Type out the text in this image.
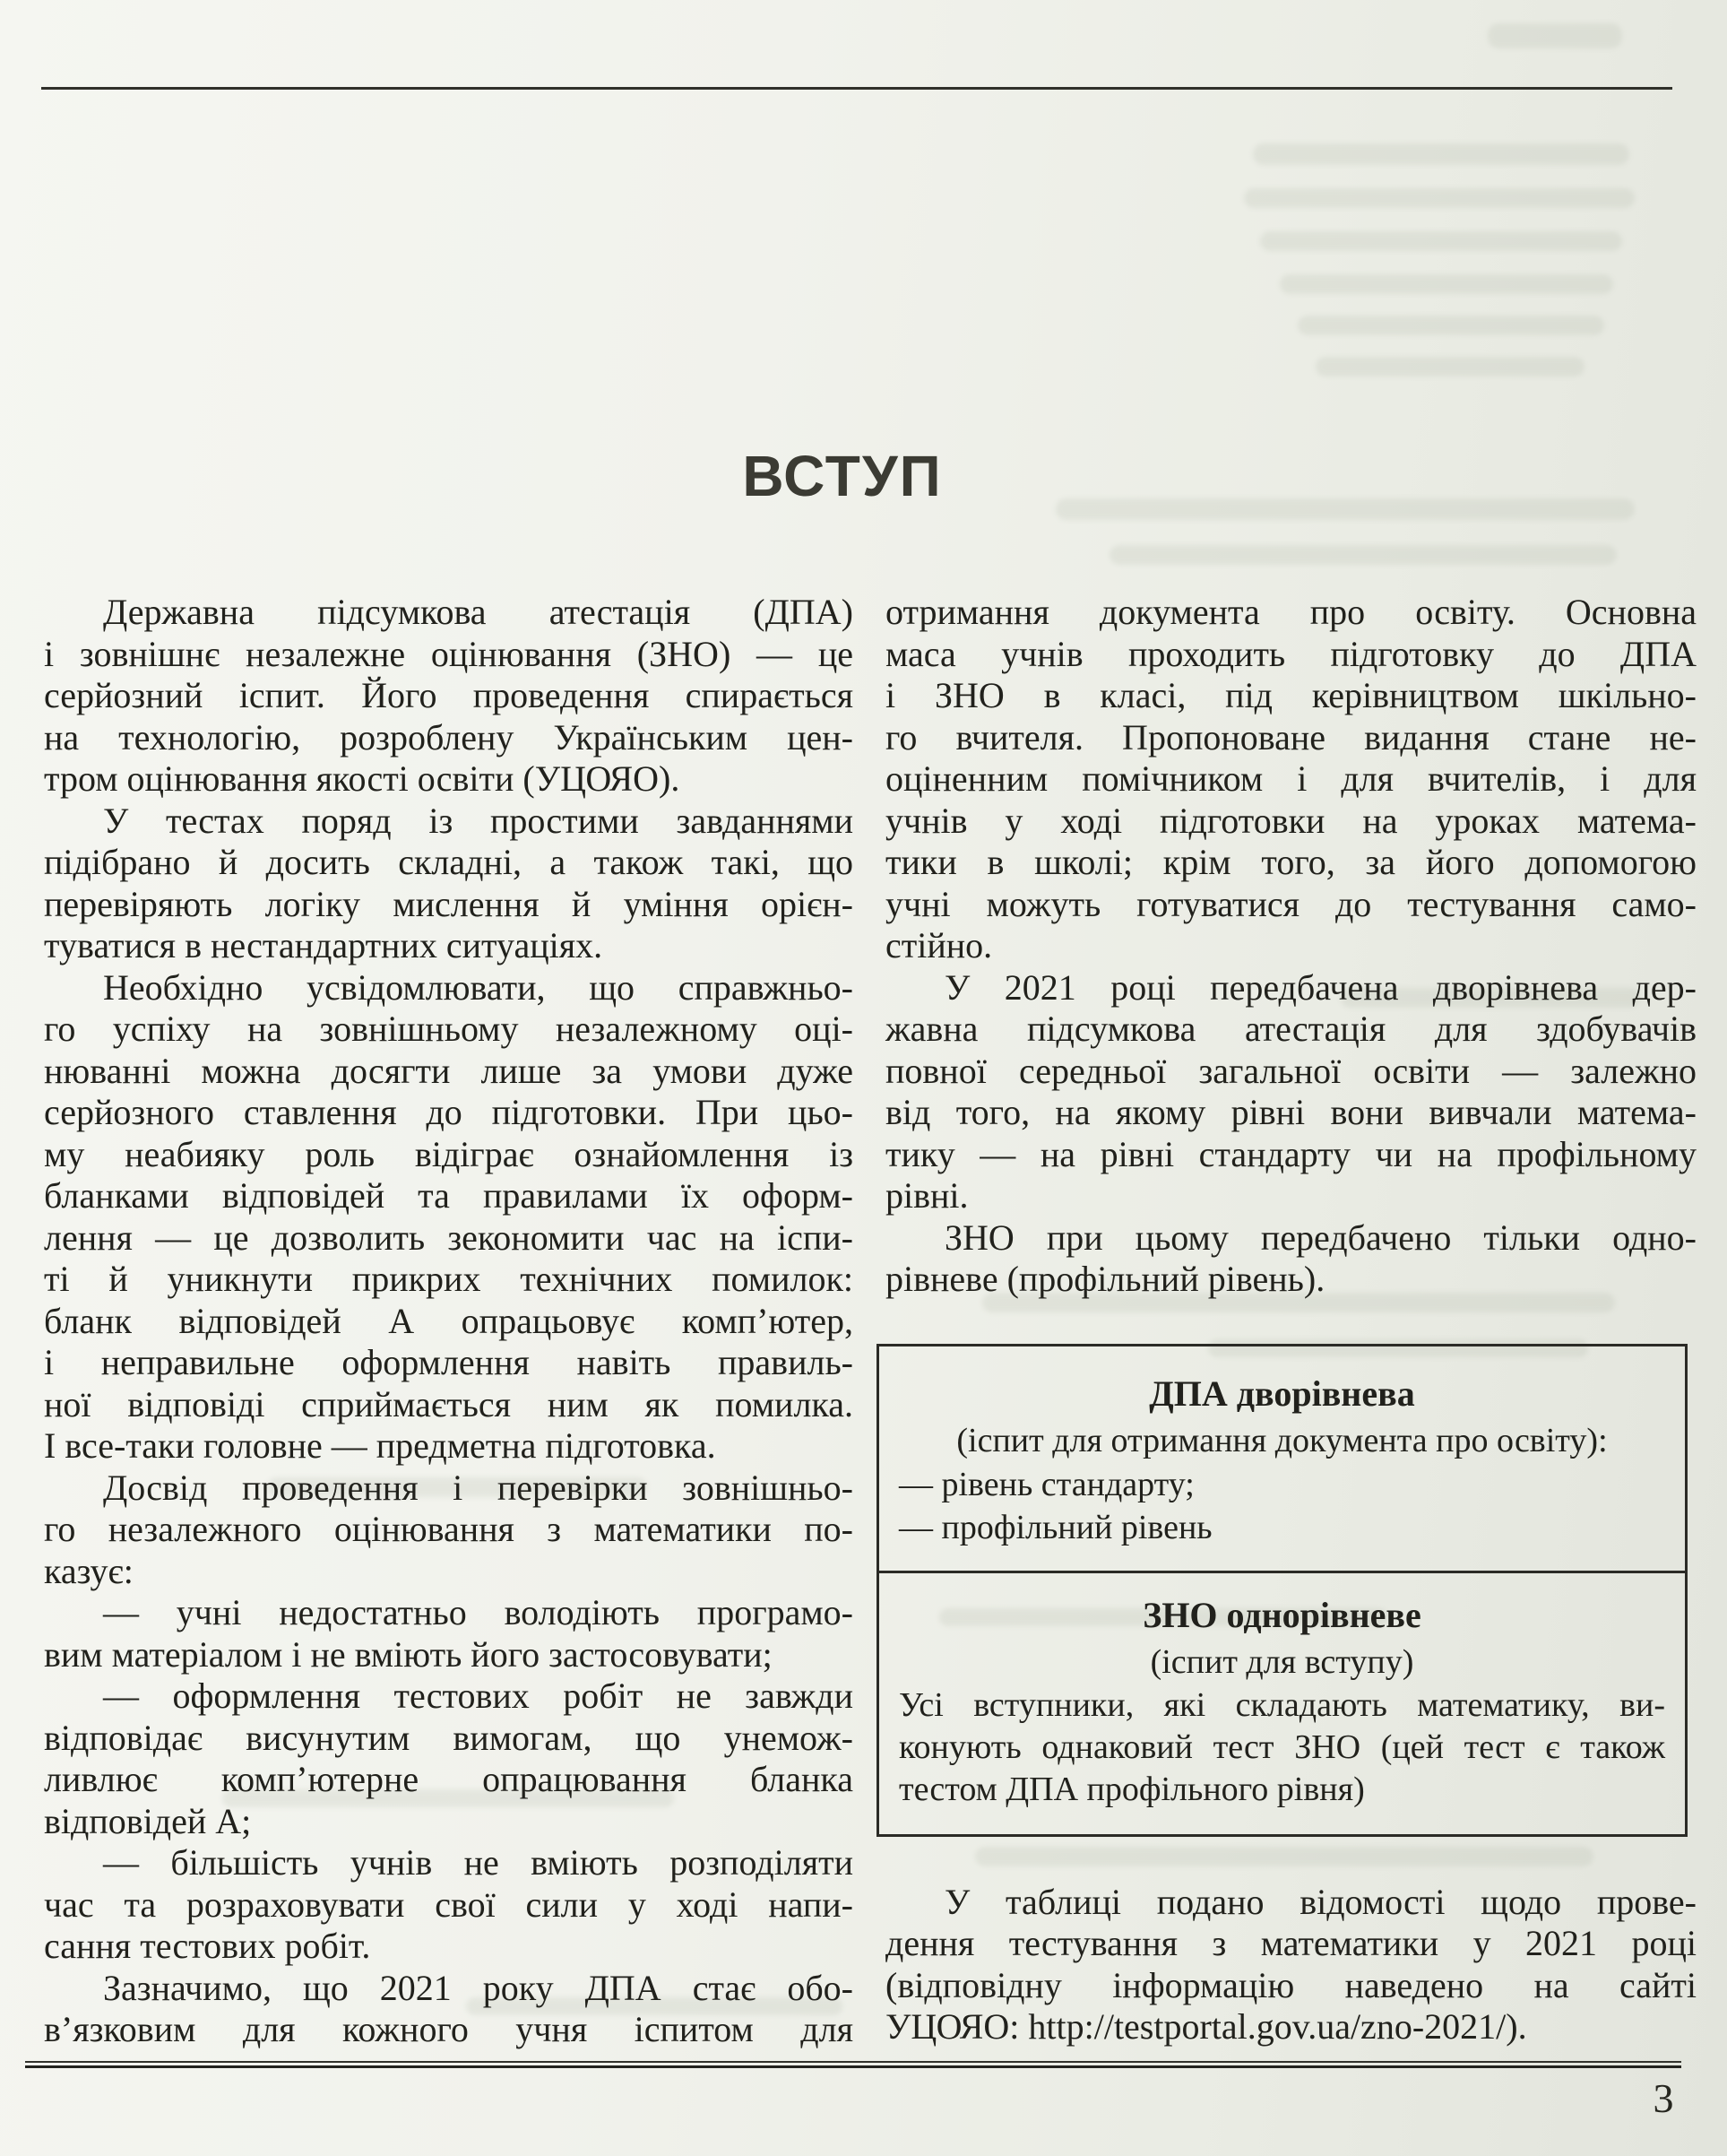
ВСТУП
Державна підсумкова атестація (ДПА)
і зовнішнє незалежне оцінювання (ЗНО) — це
серйозний іспит. Його проведення спирається
на технологію, розроблену Українським цен-
тром оцінювання якості освіти (УЦОЯО).
У тестах поряд із простими завданнями
підібрано й досить складні, а також такі, що
перевіряють логіку мислення й уміння орієн-
туватися в нестандартних ситуаціях.
Необхідно усвідомлювати, що справжньо-
го успіху на зовнішньому незалежному оці-
нюванні можна досягти лише за умови дуже
серйозного ставлення до підготовки. При цьо-
му неабияку роль відіграє ознайомлення із
бланками відповідей та правилами їх оформ-
лення — це дозволить зекономити час на іспи-
ті й уникнути прикрих технічних помилок:
бланк відповідей А опрацьовує комп’ютер,
і неправильне оформлення навіть правиль-
ної відповіді сприймається ним як помилка.
І все-таки головне — предметна підготовка.
Досвід проведення і перевірки зовнішньо-
го незалежного оцінювання з математики по-
казує:
— учні недостатньо володіють програмо-
вим матеріалом і не вміють його застосовувати;
— оформлення тестових робіт не завжди
відповідає висунутим вимогам, що унемож-
ливлює комп’ютерне опрацювання бланка
відповідей А;
— більшість учнів не вміють розподіляти
час та розраховувати свої сили у ході напи-
сання тестових робіт.
Зазначимо, що 2021 року ДПА стає обо-
в’язковим для кожного учня іспитом для
отримання документа про освіту. Основна
маса учнів проходить підготовку до ДПА
і ЗНО в класі, під керівництвом шкільно-
го вчителя. Пропоноване видання стане не-
оціненним помічником і для вчителів, і для
учнів у ході підготовки на уроках матема-
тики в школі; крім того, за його допомогою
учні можуть готуватися до тестування само-
стійно.
У 2021 році передбачена дворівнева дер-
жавна підсумкова атестація для здобувачів
повної середньої загальної освіти — залежно
від того, на якому рівні вони вивчали матема-
тику — на рівні стандарту чи на профільному
рівні.
ЗНО при цьому передбачено тільки одно-
рівневе (профільний рівень).
ДПА дворівнева
(іспит для отримання документа про освіту):
— рівень стандарту;
— профільний рівень
ЗНО однорівневе
(іспит для вступу)
Усі вступники, які складають математику, ви-
конують однаковий тест ЗНО (цей тест є також
тестом ДПА профільного рівня)
У таблиці подано відомості щодо прове-
дення тестування з математики у 2021 році
(відповідну інформацію наведено на сайті
УЦОЯО: http://testportal.gov.ua/zno-2021/).
3
